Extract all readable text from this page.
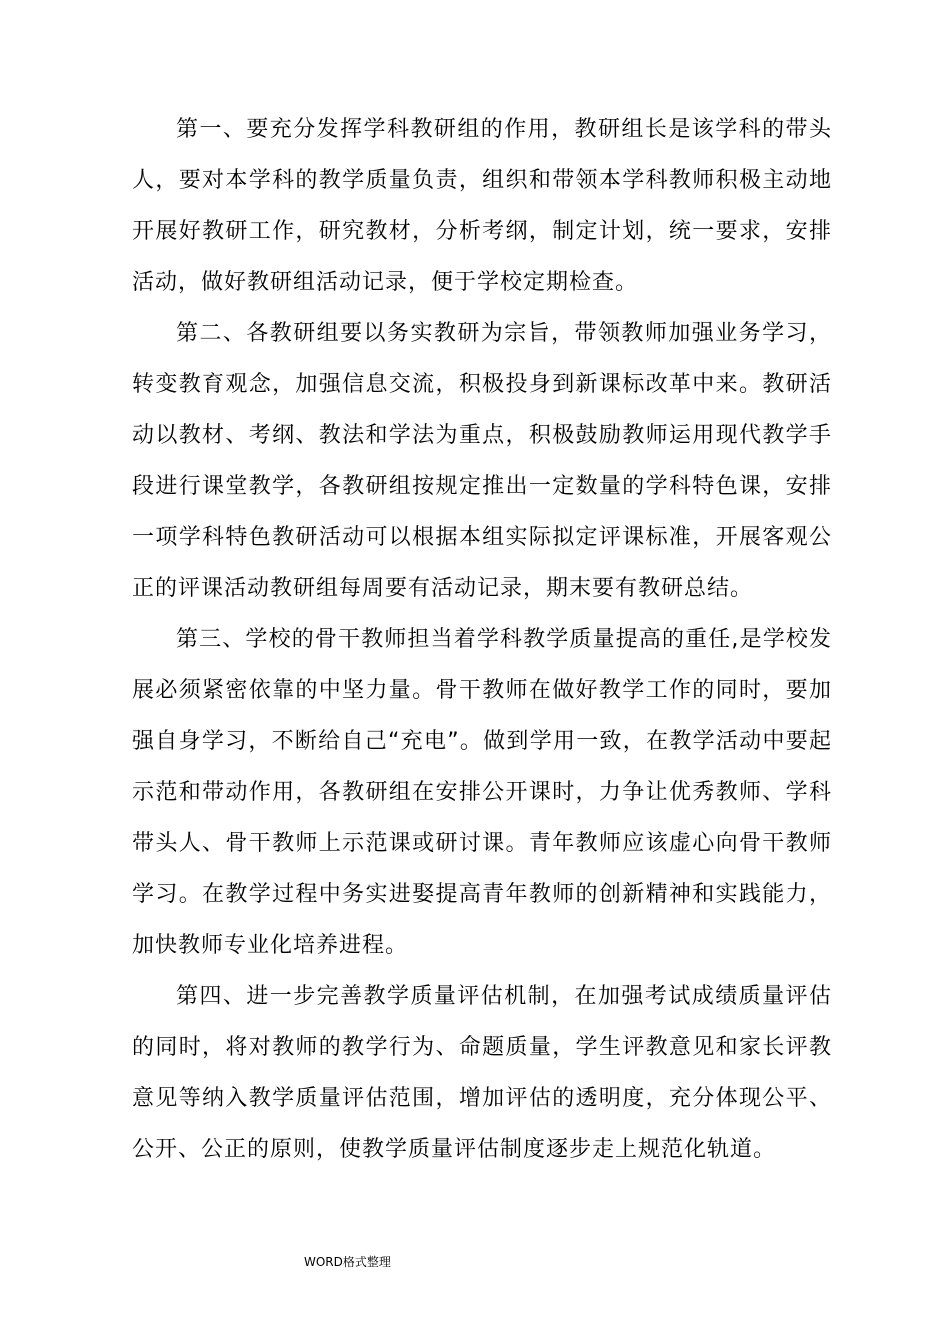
第一、要充分发挥学科教研组的作用，教研组长是该学科的带头人，要对本学科的教学质量负责，组织和带领本学科教师积极主动地开展好教研工作，研究教材，分析考纲，制定计划，统一要求，安排活动，做好教研组活动记录，便于学校定期检查。

第二、各教研组要以务实教研为宗旨，带领教师加强业务学习，转变教育观念，加强信息交流，积极投身到新课标改革中来。教研活动以教材、考纲、教法和学法为重点，积极鼓励教师运用现代教学手段进行课堂教学，各教研组按规定推出一定数量的学科特色课，安排一项学科特色教研活动可以根据本组实际拟定评课标准，开展客观公正的评课活动教研组每周要有活动记录，期末要有教研总结。

第三、学校的骨干教师担当着学科教学质量提高的重任,是学校发展必须紧密依靠的中坚力量。骨干教师在做好教学工作的同时，要加强自身学习，不断给自己“充电”。做到学用一致，在教学活动中要起示范和带动作用，各教研组在安排公开课时，力争让优秀教师、学科带头人、骨干教师上示范课或研讨课。青年教师应该虚心向骨干教师学习。在教学过程中务实进娶提高青年教师的创新精神和实践能力，加快教师专业化培养进程。

第四、进一步完善教学质量评估机制，在加强考试成绩质量评估的同时，将对教师的教学行为、命题质量，学生评教意见和家长评教意见等纳入教学质量评估范围，增加评估的透明度，充分体现公平、公开、公正的原则，使教学质量评估制度逐步走上规范化轨道。

WORD格式整理
